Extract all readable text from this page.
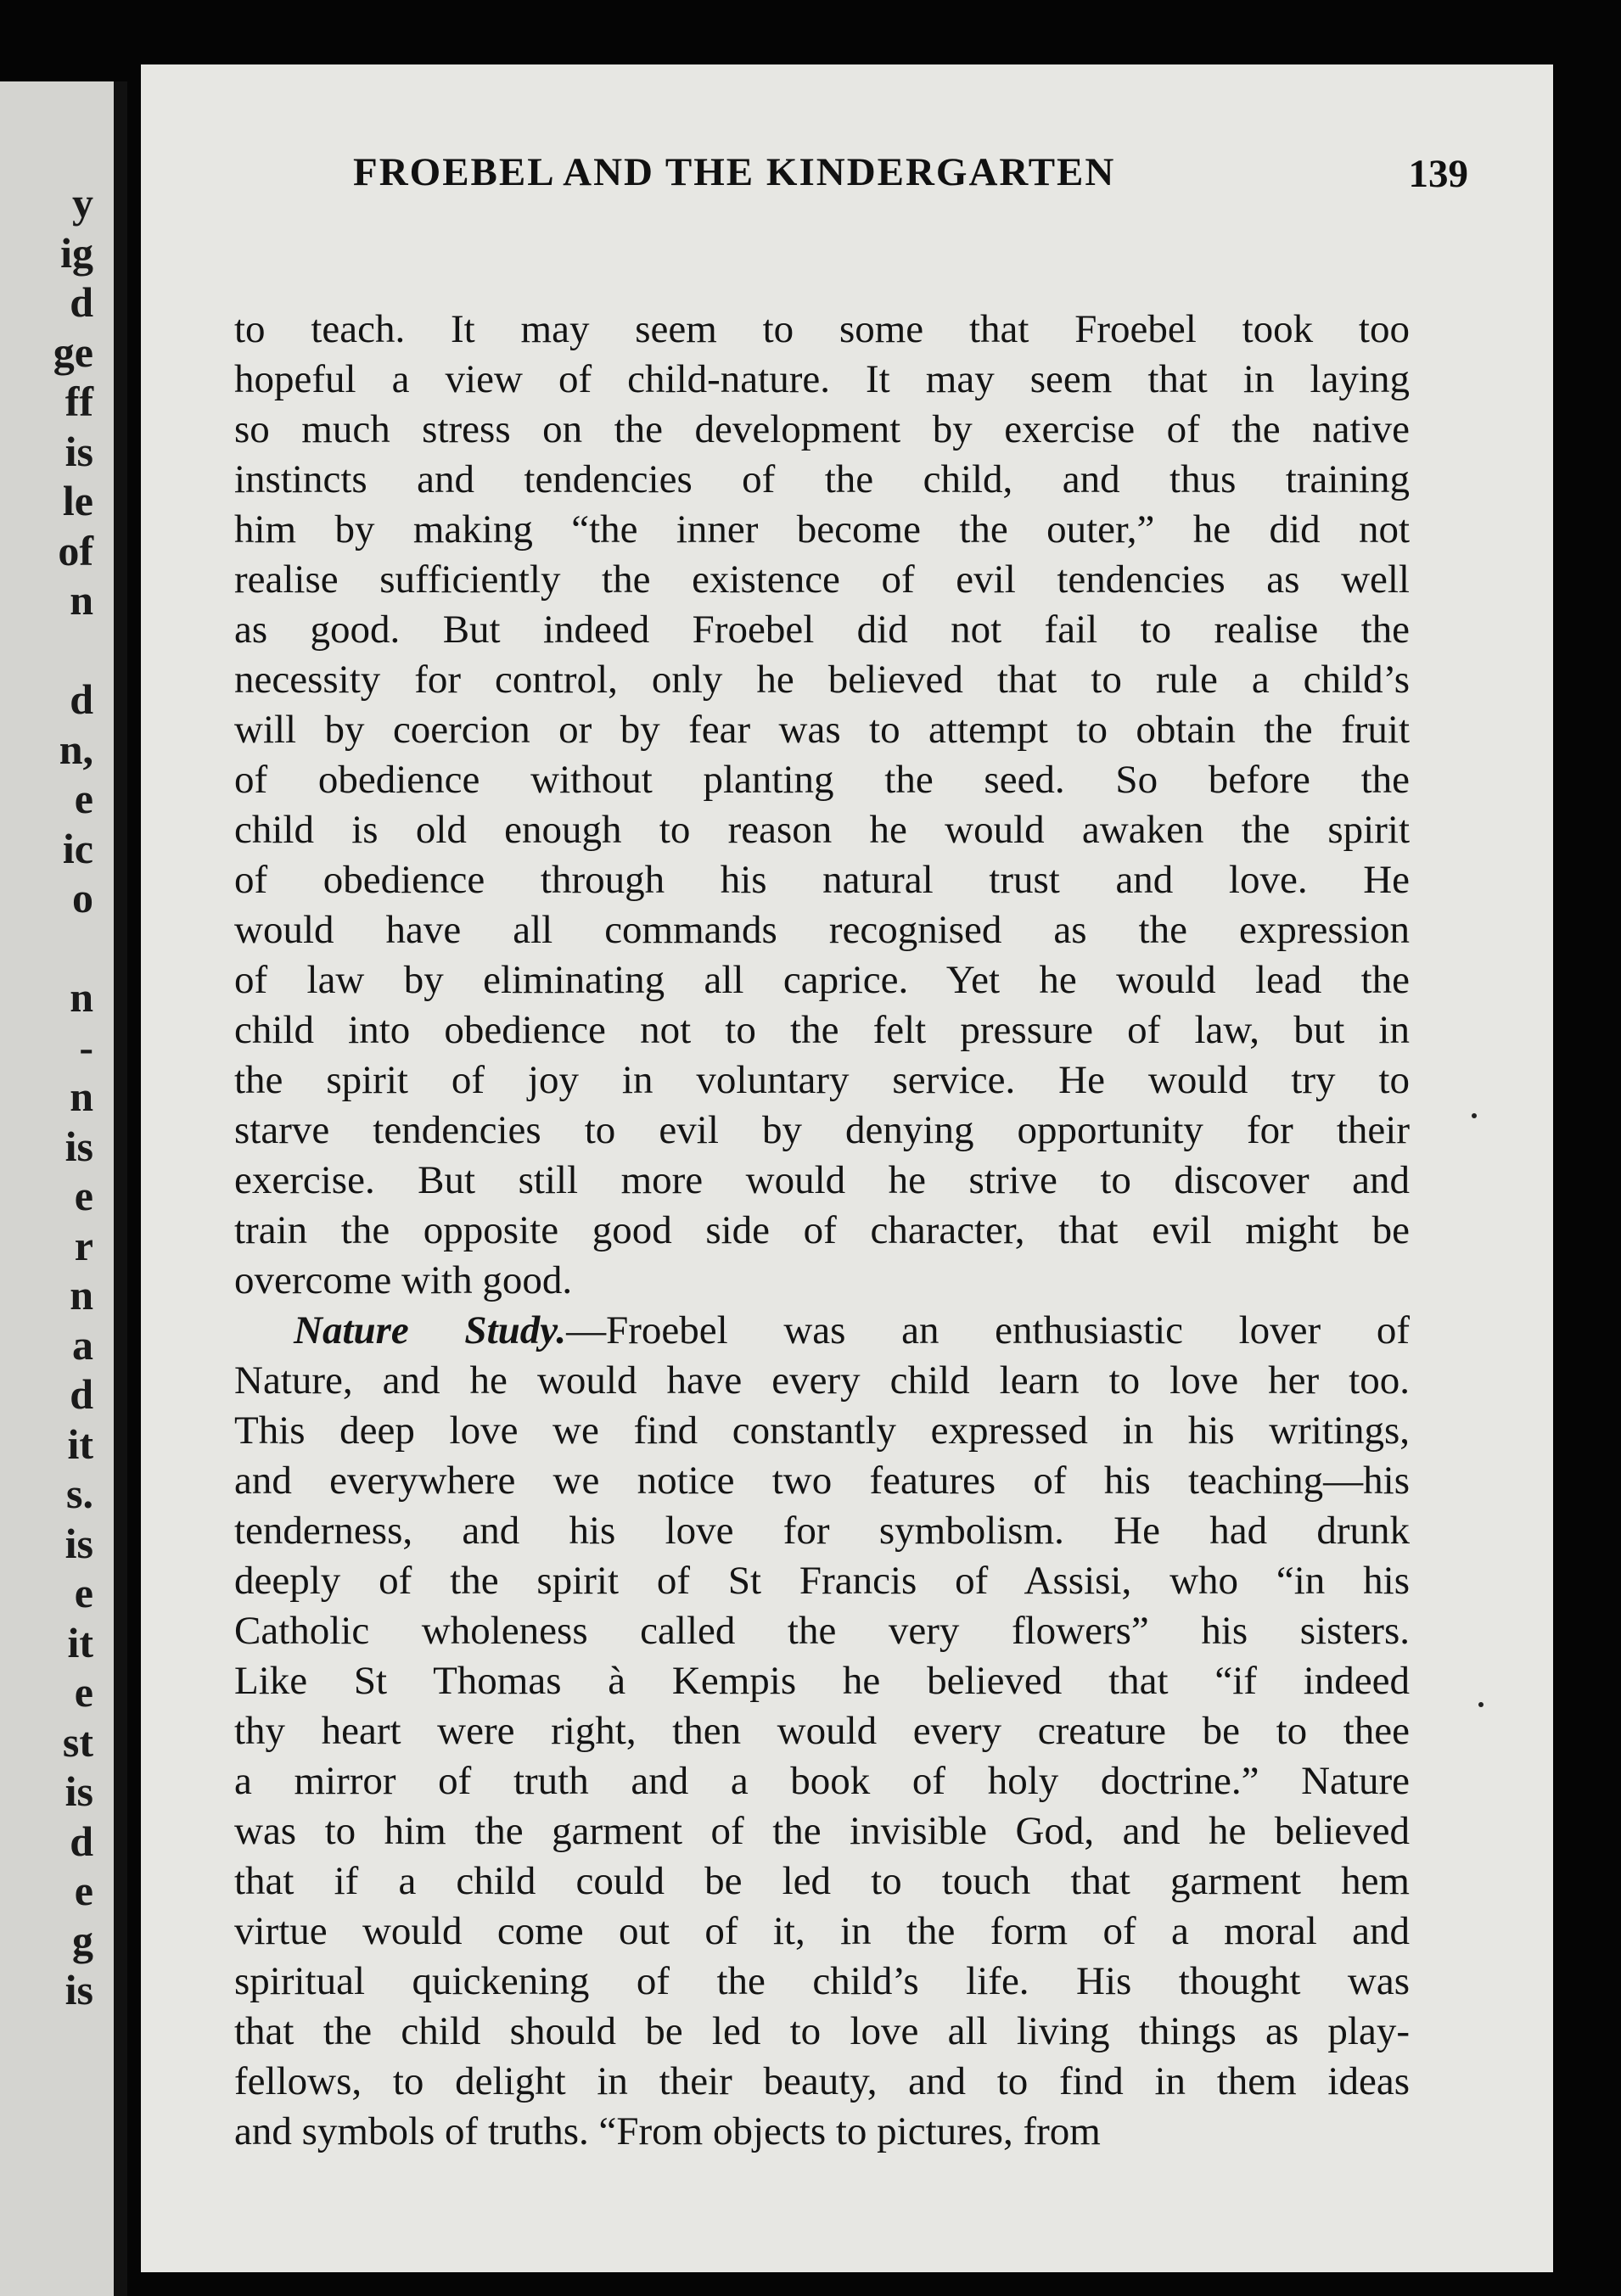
y
ig
d
ge
ff
is
le
of
n
d
n,
e
ic
o
n
-
n
is
e
r
n
a
d
it
s.
is
e
it
e
st
is
d
e
g
is
FROEBEL AND THE KINDERGARTEN	139
to teach. It may seem to some that Froebel took too
hopeful a view of child-nature. It may seem that in laying
so much stress on the development by exercise of the native
instincts and tendencies of the child, and thus training
him by making “the inner become the outer,” he did not
realise sufficiently the existence of evil tendencies as well
as good. But indeed Froebel did not fail to realise the
necessity for control, only he believed that to rule a child’s
will by coercion or by fear was to attempt to obtain the fruit
of obedience without planting the seed. So before the
child is old enough to reason he would awaken the spirit
of obedience through his natural trust and love. He
would have all commands recognised as the expression
of law by eliminating all caprice. Yet he would lead the
child into obedience not to the felt pressure of law, but in
the spirit of joy in voluntary service. He would try to
starve tendencies to evil by denying opportunity for their
exercise. But still more would he strive to discover and
train the opposite good side of character, that evil might be
overcome with good.
Nature Study.—Froebel was an enthusiastic lover of
Nature, and he would have every child learn to love her too.
This deep love we find constantly expressed in his writings,
and everywhere we notice two features of his teaching—his
tenderness, and his love for symbolism. He had drunk
deeply of the spirit of St Francis of Assisi, who “in his
Catholic wholeness called the very flowers” his sisters.
Like St Thomas à Kempis he believed that “if indeed
thy heart were right, then would every creature be to thee
a mirror of truth and a book of holy doctrine.” Nature
was to him the garment of the invisible God, and he believed
that if a child could be led to touch that garment hem
virtue would come out of it, in the form of a moral and
spiritual quickening of the child’s life. His thought was
that the child should be led to love all living things as play-
fellows, to delight in their beauty, and to find in them ideas
and symbols of truths. “From objects to pictures, from
